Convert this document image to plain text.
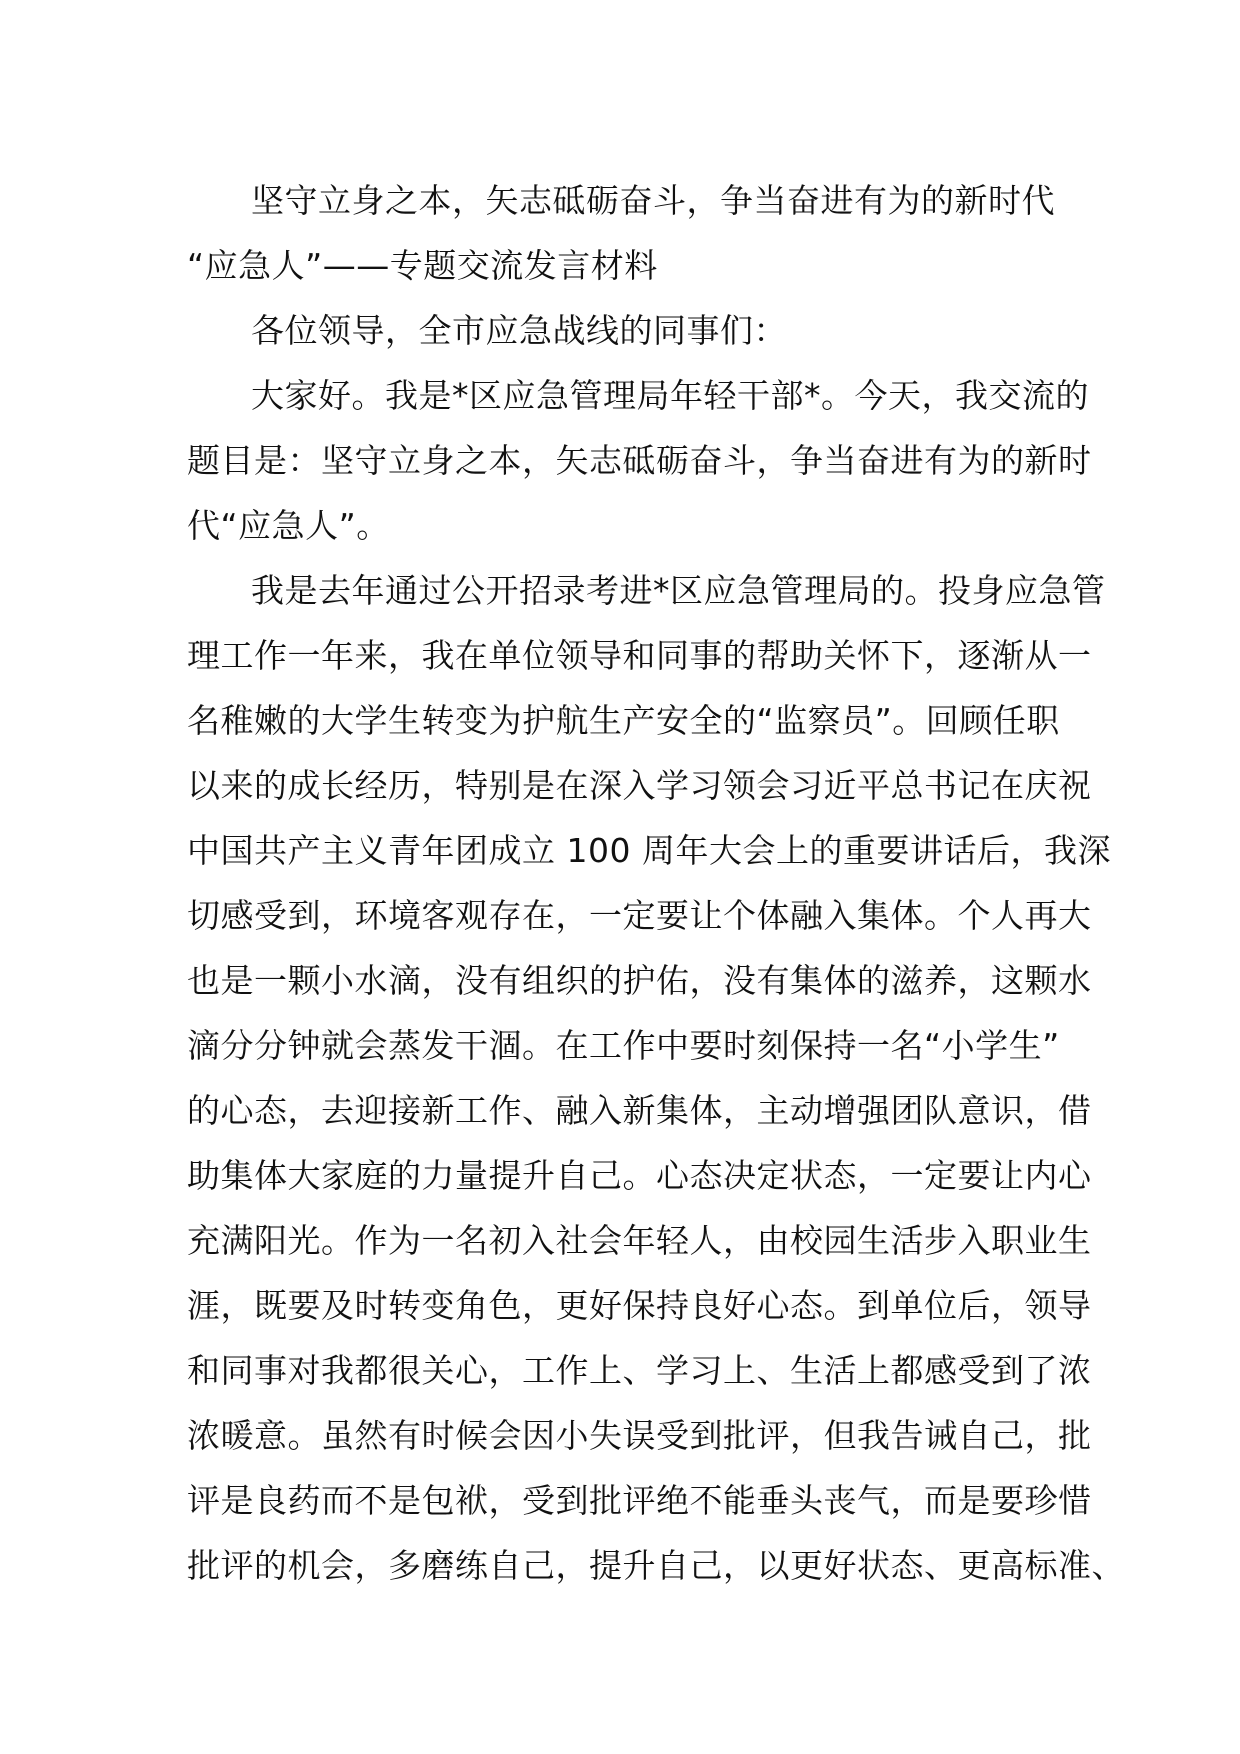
坚守立身之本，矢志砥砺奋斗，争当奋进有为的新时代
“应急人”——专题交流发言材料
各位领导，全市应急战线的同事们：
大家好。我是*区应急管理局年轻干部*。今天，我交流的
题目是：坚守立身之本，矢志砥砺奋斗，争当奋进有为的新时
代“应急人”。
我是去年通过公开招录考进*区应急管理局的。投身应急管
理工作一年来，我在单位领导和同事的帮助关怀下，逐渐从一
名稚嫩的大学生转变为护航生产安全的“监察员”。回顾任职
以来的成长经历，特别是在深入学习领会习近平总书记在庆祝
中国共产主义青年团成立 100 周年大会上的重要讲话后，我深
切感受到，环境客观存在，一定要让个体融入集体。个人再大
也是一颗小水滴，没有组织的护佑，没有集体的滋养，这颗水
滴分分钟就会蒸发干涸。在工作中要时刻保持一名“小学生”
的心态，去迎接新工作、融入新集体，主动增强团队意识，借
助集体大家庭的力量提升自己。心态决定状态，一定要让内心
充满阳光。作为一名初入社会年轻人，由校园生活步入职业生
涯，既要及时转变角色，更好保持良好心态。到单位后，领导
和同事对我都很关心，工作上、学习上、生活上都感受到了浓
浓暖意。虽然有时候会因小失误受到批评，但我告诫自己，批
评是良药而不是包袱，受到批评绝不能垂头丧气，而是要珍惜
批评的机会，多磨练自己，提升自己，以更好状态、更高标准、
